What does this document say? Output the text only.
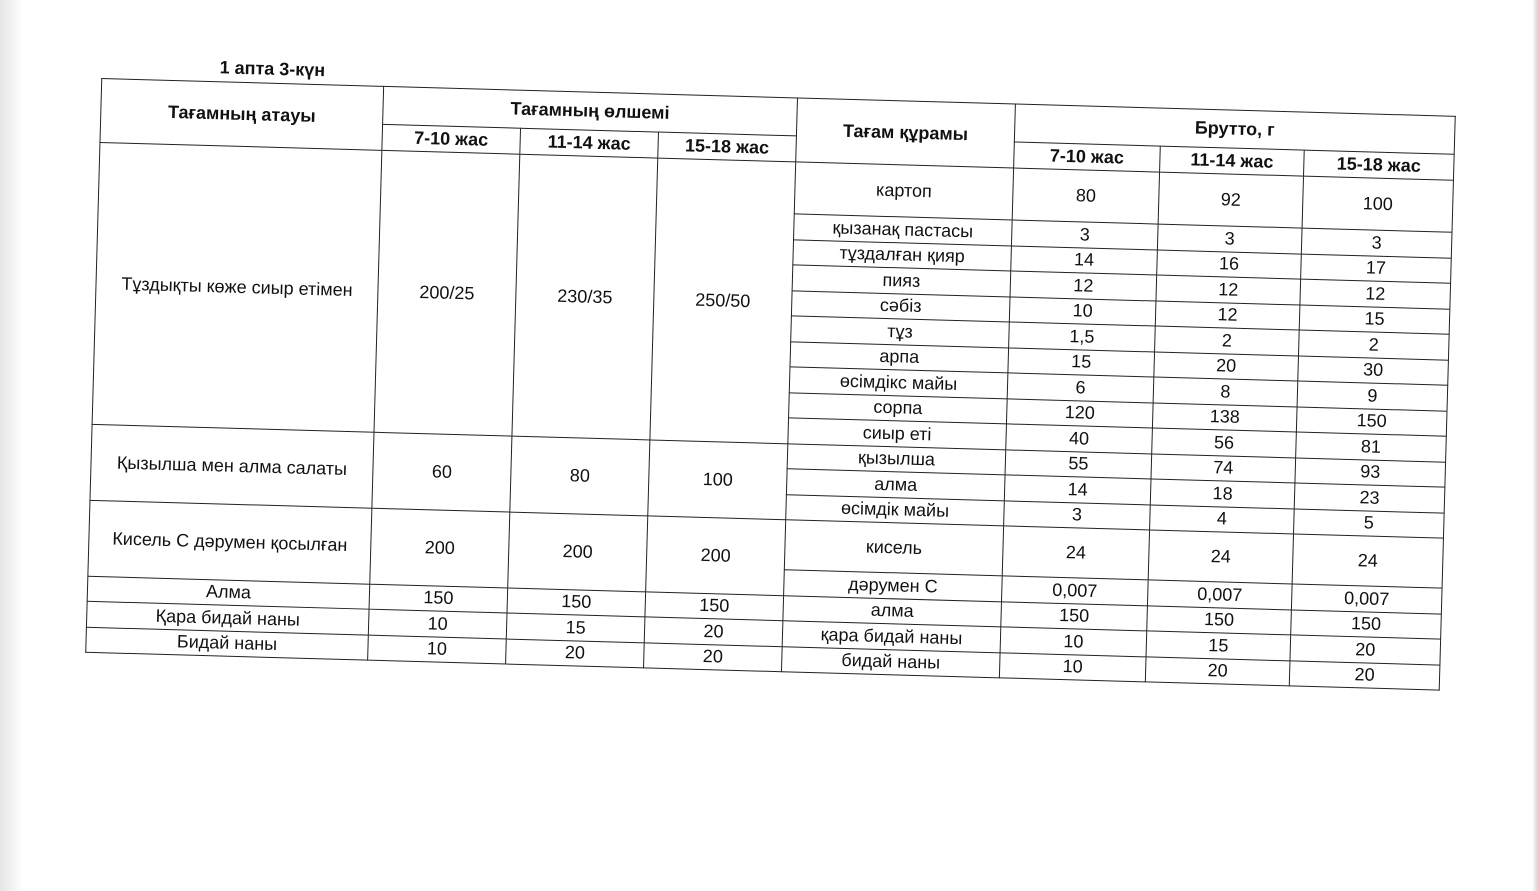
1 апта 3-күн
Тағамның атауы	Тағамның өлшемі			Тағам құрамы	Брутто, г		
	7-10 жас	11-14 жас	15-18 жас		7-10 жас	11-14 жас	15-18 жас
Тұздықты көже сиыр етімен	200/25	230/35	250/50	картоп	80	92	100
				қызанақ пастасы	3	3	3
				тұздалған қияр	14	16	17
				пияз	12	12	12
				сәбіз	10	12	15
				тұз	1,5	2	2
				арпа	15	20	30
				өсімдікс майы	6	8	9
				сорпа	120	138	150
				сиыр еті	40	56	81
Қызылша мен алма салаты	60	80	100	қызылша	55	74	93
				алма	14	18	23
				өсімдік майы	3	4	5
Кисель С дәрумен қосылған	200	200	200	кисель	24	24	24
				дәрумен С	0,007	0,007	0,007
Алма	150	150	150	алма	150	150	150
Қара бидай наны	10	15	20	қара бидай наны	10	15	20
Бидай наны	10	20	20	бидай наны	10	20	20
